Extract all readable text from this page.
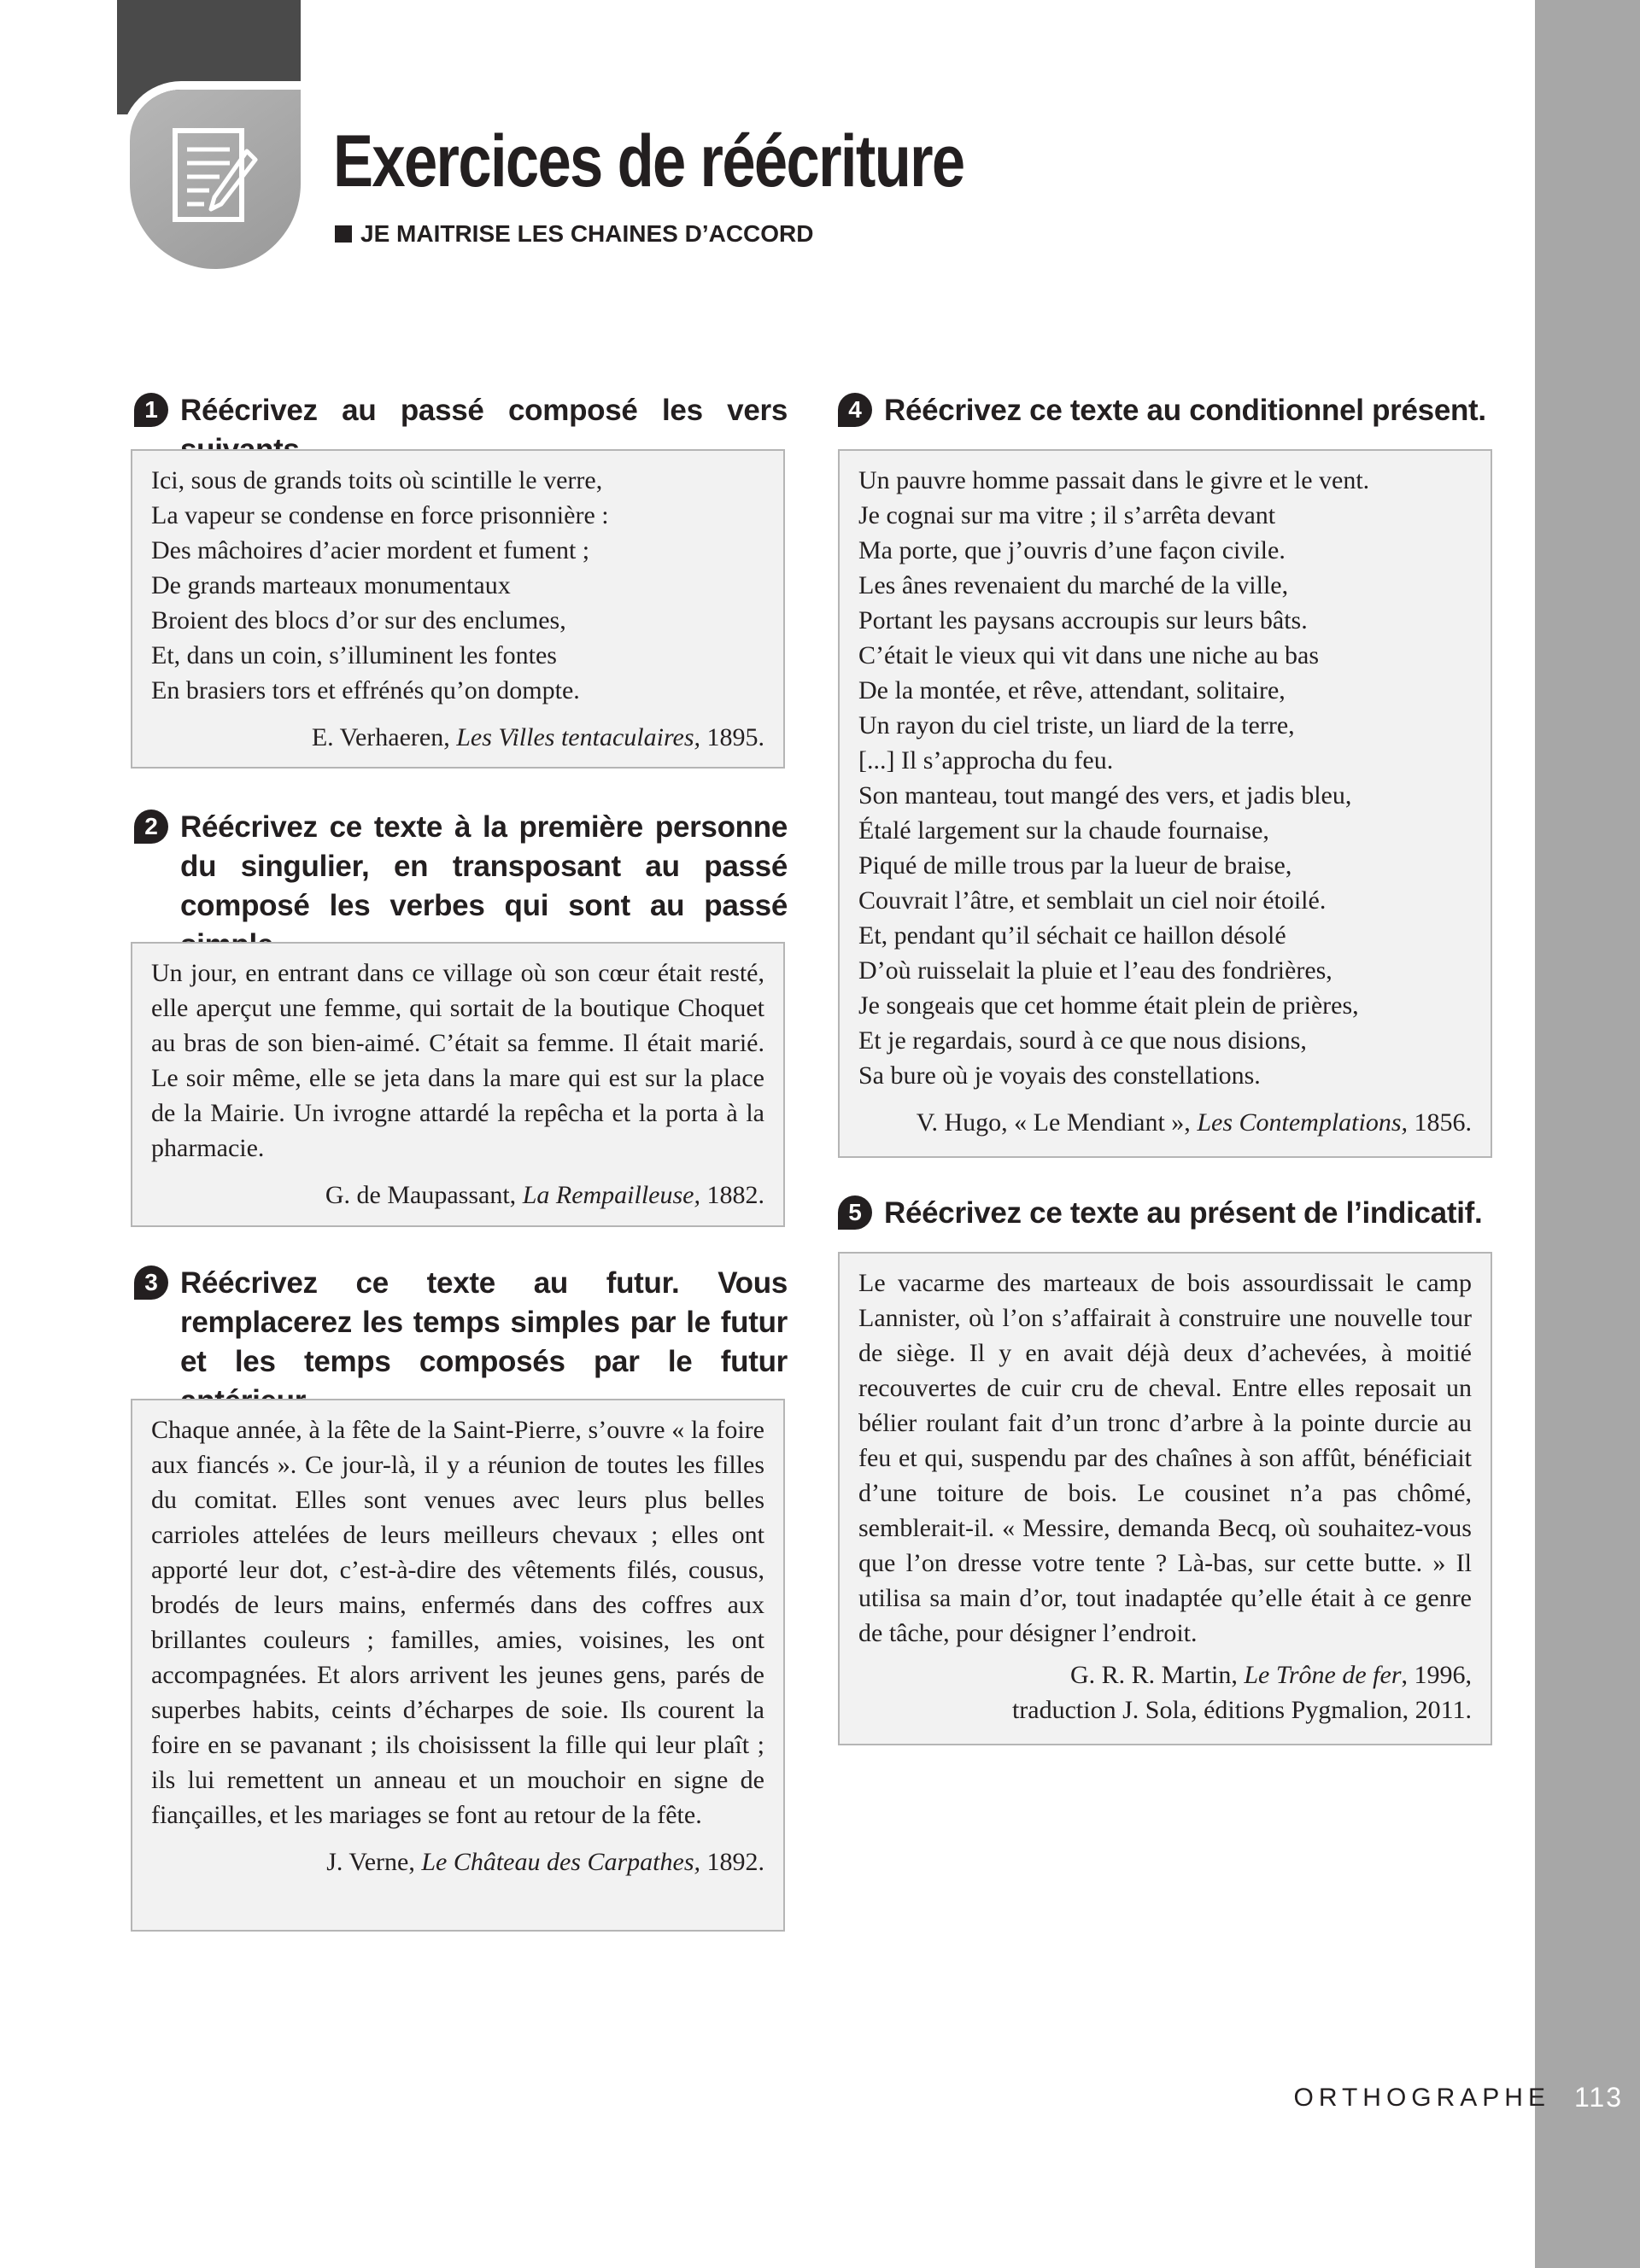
Exercices de réécriture
JE MAITRISE LES CHAINES D’ACCORD
1 Réécrivez au passé composé les vers
Ici, sous de grands toits où scintille le verre,
La vapeur se condense en force prisonnière :
Des mâchoires d’acier mordent et fument ;
De grands marteaux monumentaux
Broient des blocs d’or sur des enclumes,
Et, dans un coin, s’illuminent les fontes
En brasiers tors et effrénés qu’on dompte.
E. Verhaeren, Les Villes tentaculaires, 1895.
2 Réécrivez ce texte à la première personne du singulier, en transposant au passé composé les verbes qui sont au passé

Un jour, en entrant dans ce village où son cœur était resté, elle aperçut une femme, qui sortait de la boutique Choquet au bras de son bien-aimé. C’était sa femme. Il était marié. Le soir même, elle se jeta dans la mare qui est sur la place de la Mairie. Un ivrogne attardé la repêcha et la porta à la pharmacie.

G. de Maupassant, La Rempailleuse, 1882.
3 Réécrivez ce texte au futur. Vous remplacerez les temps simples par le futur et les temps composés par le futur

Chaque année, à la fête de la Saint-Pierre, s’ouvre « la foire aux fiancés ». Ce jour-là, il y a réunion de toutes les filles du comitat. Elles sont venues avec leurs plus belles carrioles attelées de leurs meilleurs chevaux ; elles ont apporté leur dot, c’est-à-dire des vêtements filés, cousus, brodés de leurs mains, enfermés dans des coffres aux brillantes couleurs ; familles, amies, voisines, les ont accompagnées. Et alors arrivent les jeunes gens, parés de superbes habits, ceints d’écharpes de soie. Ils courent la foire en se pavanant ; ils choisissent la fille qui leur plaît ; ils lui remettent un anneau et un mouchoir en signe de fiançailles, et les mariages se font au retour de la fête.

J. Verne, Le Château des Carpathes, 1892.
4 Réécrivez ce texte au conditionnel présent.
Un pauvre homme passait dans le givre et le vent.
Je cognai sur ma vitre ; il s’arrêta devant
Ma porte, que j’ouvris d’une façon civile.
Les ânes revenaient du marché de la ville,
Portant les paysans accroupis sur leurs bâts.
C’était le vieux qui vit dans une niche au bas
De la montée, et rêve, attendant, solitaire,
Un rayon du ciel triste, un liard de la terre,
[...] Il s’approcha du feu.
Son manteau, tout mangé des vers, et jadis bleu,
Étalé largement sur la chaude fournaise,
Piqué de mille trous par la lueur de braise,
Couvrait l’âtre, et semblait un ciel noir étoilé.
Et, pendant qu’il séchait ce haillon désolé
D’où ruisselait la pluie et l’eau des fondrières,
Je songeais que cet homme était plein de prières,
Et je regardais, sourd à ce que nous disions,
Sa bure où je voyais des constellations.
V. Hugo, « Le Mendiant », Les Contemplations, 1856.
5 Réécrivez ce texte au présent de l’indicatif.

Le vacarme des marteaux de bois assourdissait le camp Lannister, où l’on s’affairait à construire une nouvelle tour de siège. Il y en avait déjà deux d’achevées, à moitié recouvertes de cuir cru de cheval. Entre elles reposait un bélier roulant fait d’un tronc d’arbre à la pointe durcie au feu et qui, suspendu par des chaînes à son affût, bénéficiait d’une toiture de bois. Le cousinet n’a pas chômé, semblerait-il. « Messire, demanda Becq, où souhaitez-vous que l’on dresse votre tente ? Là-bas, sur cette butte. » Il utilisa sa main d’or, tout inadaptée qu’elle était à ce genre de tâche, pour désigner l’endroit.

G. R. R. Martin, Le Trône de fer, 1996,
traduction J. Sola, éditions Pygmalion, 2011.
ORTHOGRAPHE 113
